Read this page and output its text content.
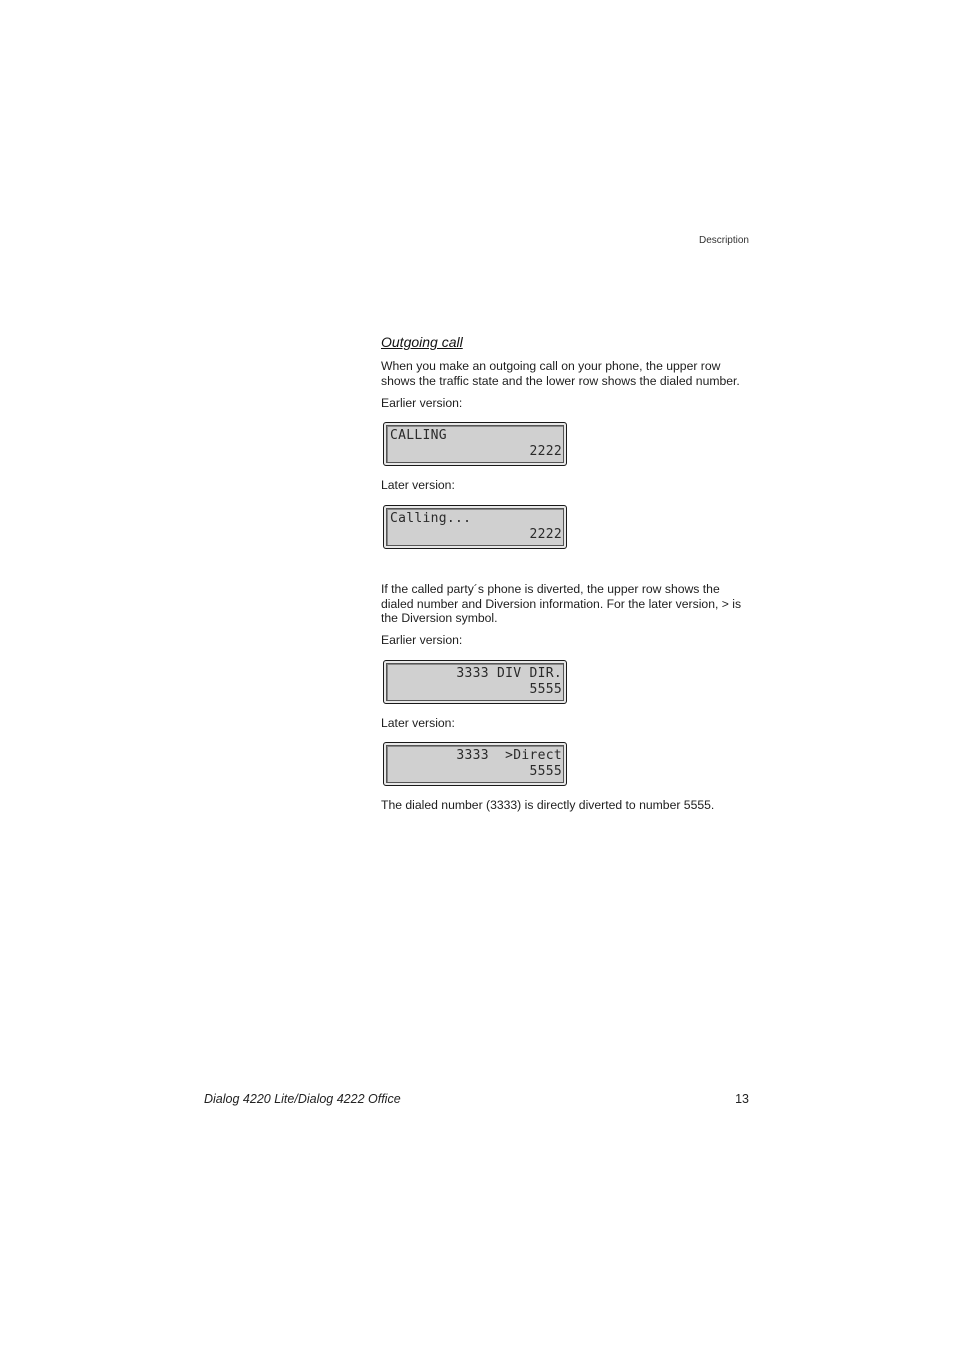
Description
Outgoing call
When you make an outgoing call on your phone, the upper row shows the traffic state and the lower row shows the dialed number.
Earlier version:
CALLING
2222
Later version:
Calling...
2222
If the called party´s phone is diverted, the upper row shows the dialed number and Diversion information. For the later version, > is the Diversion symbol.
Earlier version:
3333 DIV DIR.
5555
Later version:
3333  >Direct
5555
The dialed number (3333) is directly diverted to number 5555.
Dialog 4220 Lite/Dialog 4222 Office	13
